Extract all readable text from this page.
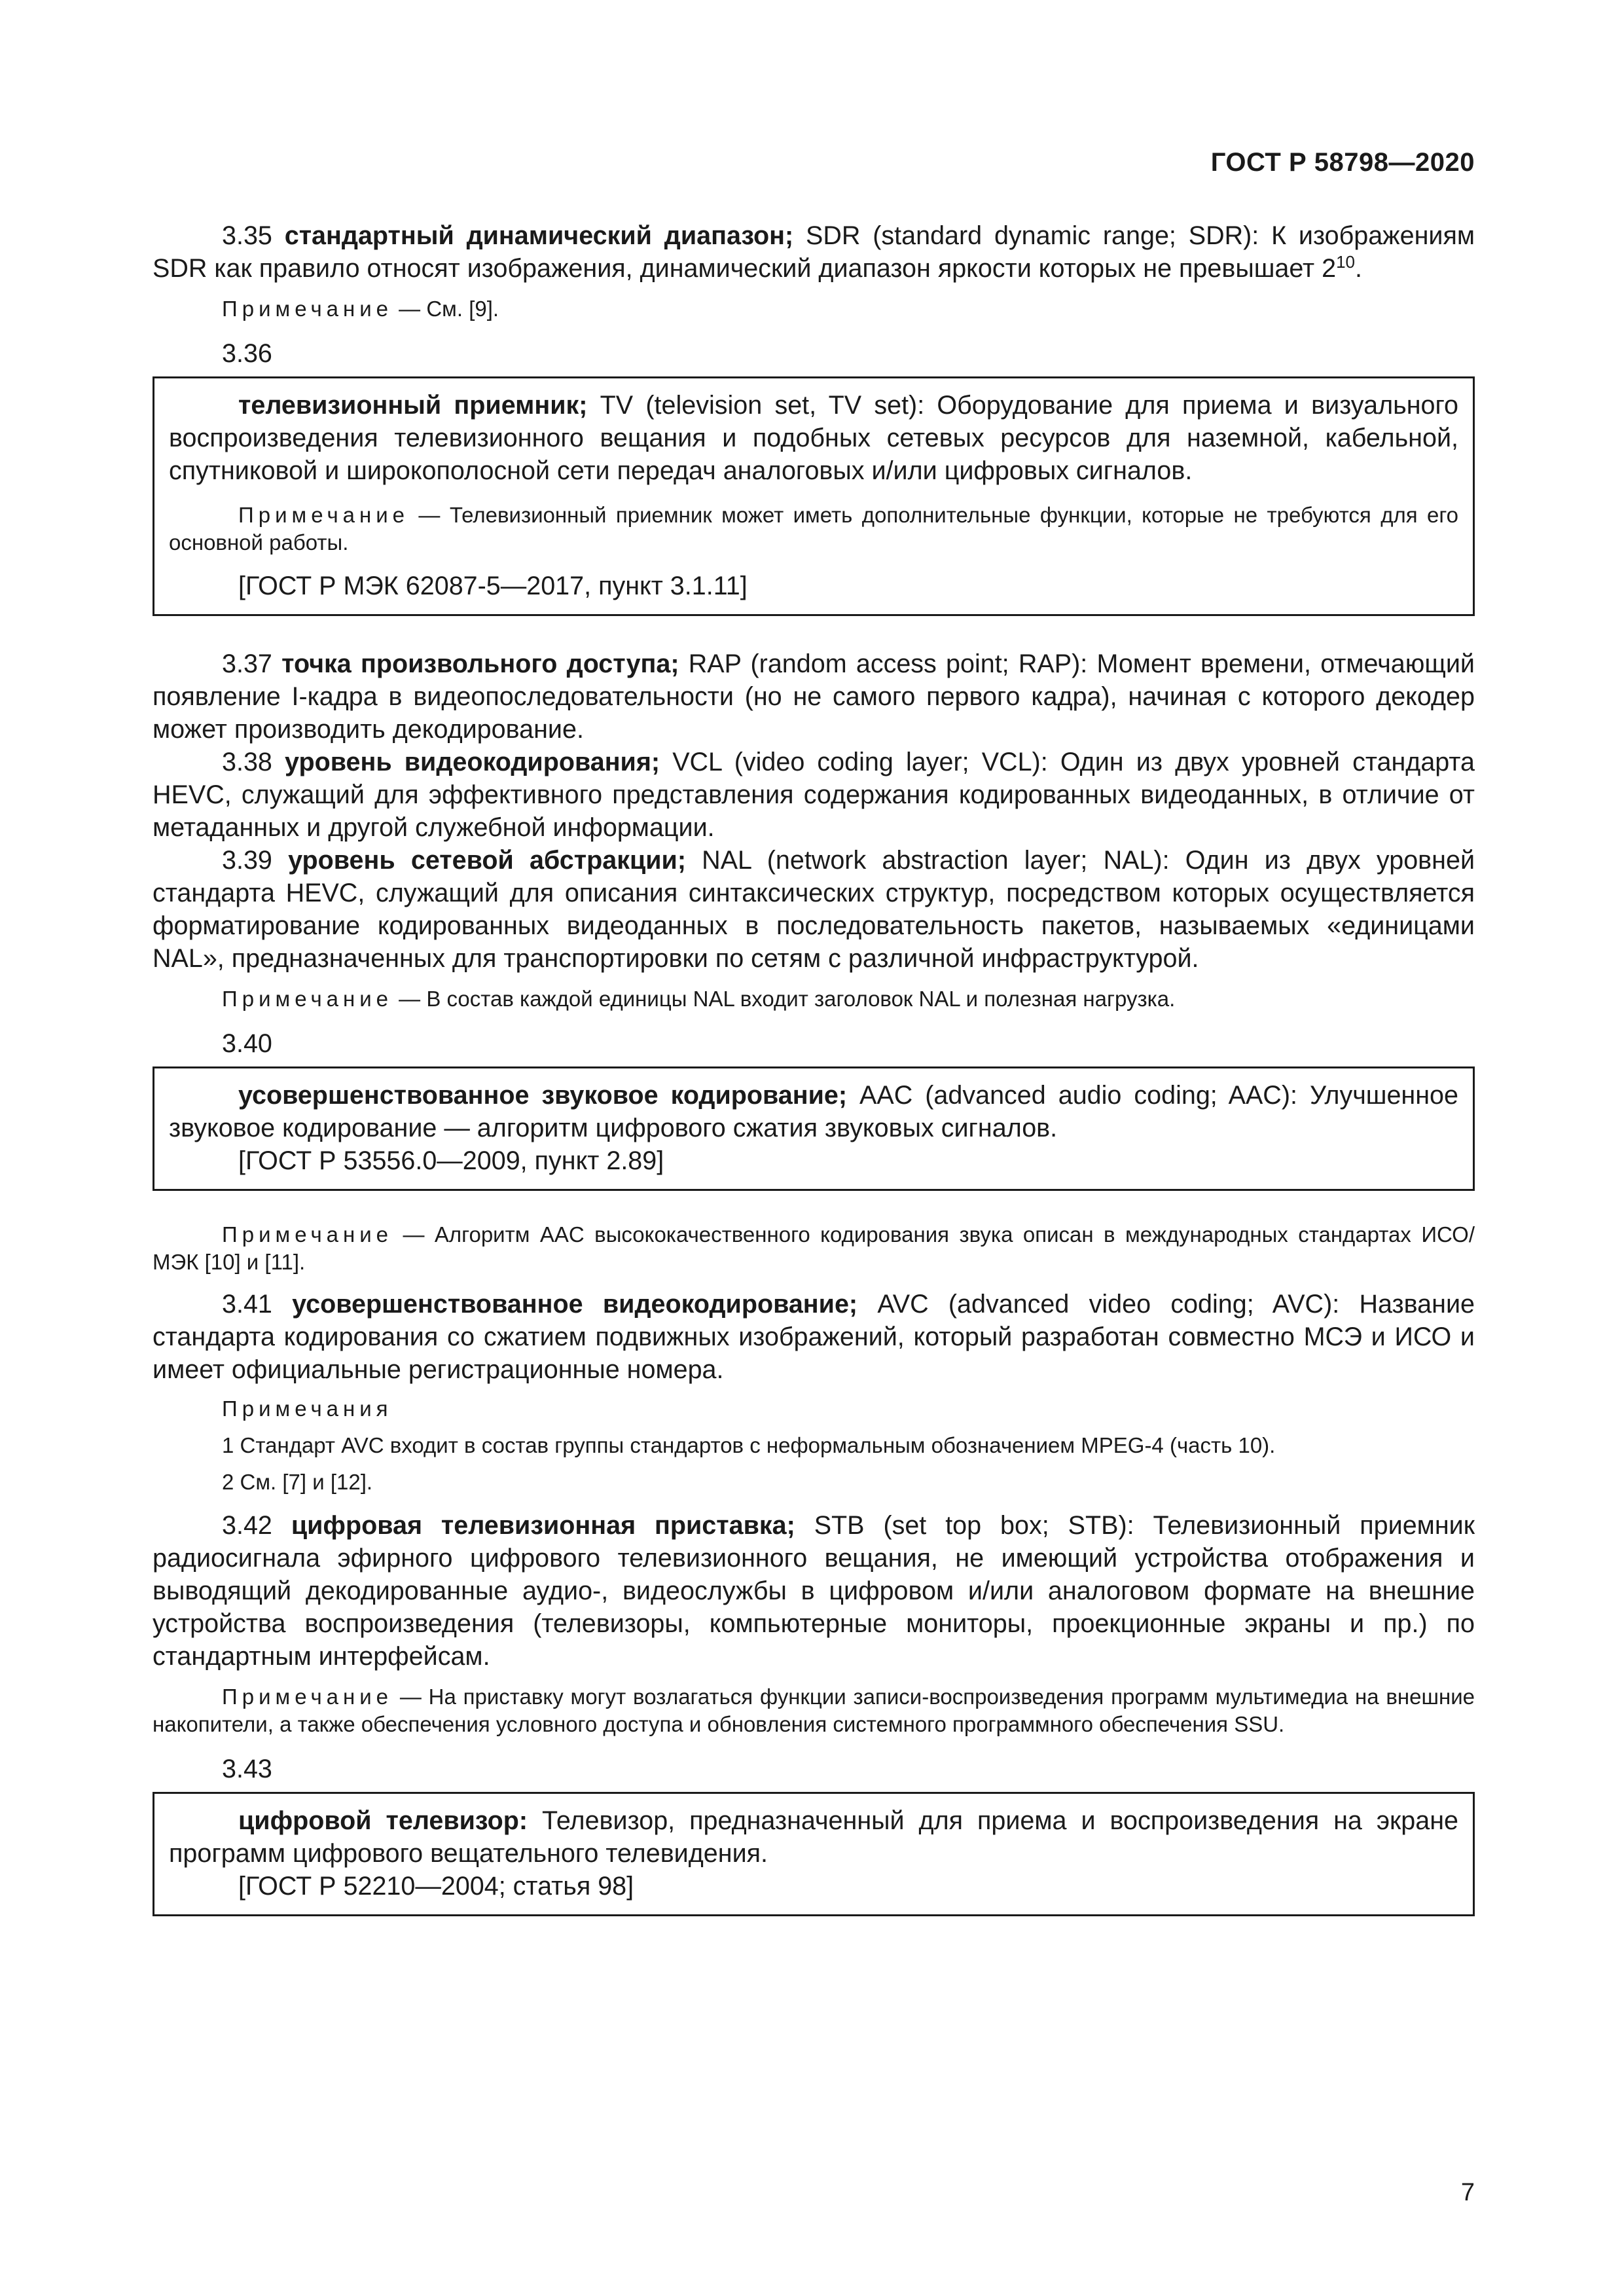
ГОСТ Р 58798—2020

3.35 стандартный динамический диапазон; SDR (standard dynamic range; SDR): К изображениям SDR как правило относят изображения, динамический диапазон яркости которых не превышает $2^{10}$.

Примечание — См. [9].

3.36

телевизионный приемник; TV (television set, TV set): Оборудование для приема и визуального воспроизведения телевизионного вещания и подобных сетевых ресурсов для наземной, кабельной, спутниковой и широкополосной сети передач аналоговых и/или цифровых сигналов.

Примечание — Телевизионный приемник может иметь дополнительные функции, которые не требуются для его основной работы.

[ГОСТ Р МЭК 62087-5—2017, пункт 3.1.11]

3.37 точка произвольного доступа; RAP (random access point; RAP): Момент времени, отмечающий появление I-кадра в видеопоследовательности (но не самого первого кадра), начиная с которого декодер может производить декодирование.

3.38 уровень видеокодирования; VCL (video coding layer; VCL): Один из двух уровней стандарта HEVC, служащий для эффективного представления содержания кодированных видеоданных, в отличие от метаданных и другой служебной информации.

3.39 уровень сетевой абстракции; NAL (network abstraction layer; NAL): Один из двух уровней стандарта HEVC, служащий для описания синтаксических структур, посредством которых осуществляется форматирование кодированных видеоданных в последовательность пакетов, называемых «единицами NAL», предназначенных для транспортировки по сетям с различной инфраструктурой.

Примечание — В состав каждой единицы NAL входит заголовок NAL и полезная нагрузка.

3.40

усовершенствованное звуковое кодирование; AAC (advanced audio coding; AAC): Улучшенное звуковое кодирование — алгоритм цифрового сжатия звуковых сигналов.

[ГОСТ Р 53556.0—2009, пункт 2.89]

Примечание — Алгоритм AAC высококачественного кодирования звука описан в международных стандартах ИСО/МЭК [10] и [11].

3.41 усовершенствованное видеокодирование; AVC (advanced video coding; AVC): Название стандарта кодирования со сжатием подвижных изображений, который разработан совместно МСЭ и ИСО и имеет официальные регистрационные номера.

Примечания

1 Стандарт AVC входит в состав группы стандартов с неформальным обозначением MPEG-4 (часть 10).

2 См. [7] и [12].

3.42 цифровая телевизионная приставка; STB (set top box; STB): Телевизионный приемник радиосигнала эфирного цифрового телевизионного вещания, не имеющий устройства отображения и выводящий декодированные аудио-, видеослужбы в цифровом и/или аналоговом формате на внешние устройства воспроизведения (телевизоры, компьютерные мониторы, проекционные экраны и пр.) по стандартным интерфейсам.

Примечание — На приставку могут возлагаться функции записи-воспроизведения программ мультимедиа на внешние накопители, а также обеспечения условного доступа и обновления системного программного обеспечения SSU.

3.43

цифровой телевизор: Телевизор, предназначенный для приема и воспроизведения на экране программ цифрового вещательного телевидения.

[ГОСТ Р 52210—2004; статья 98]

7
